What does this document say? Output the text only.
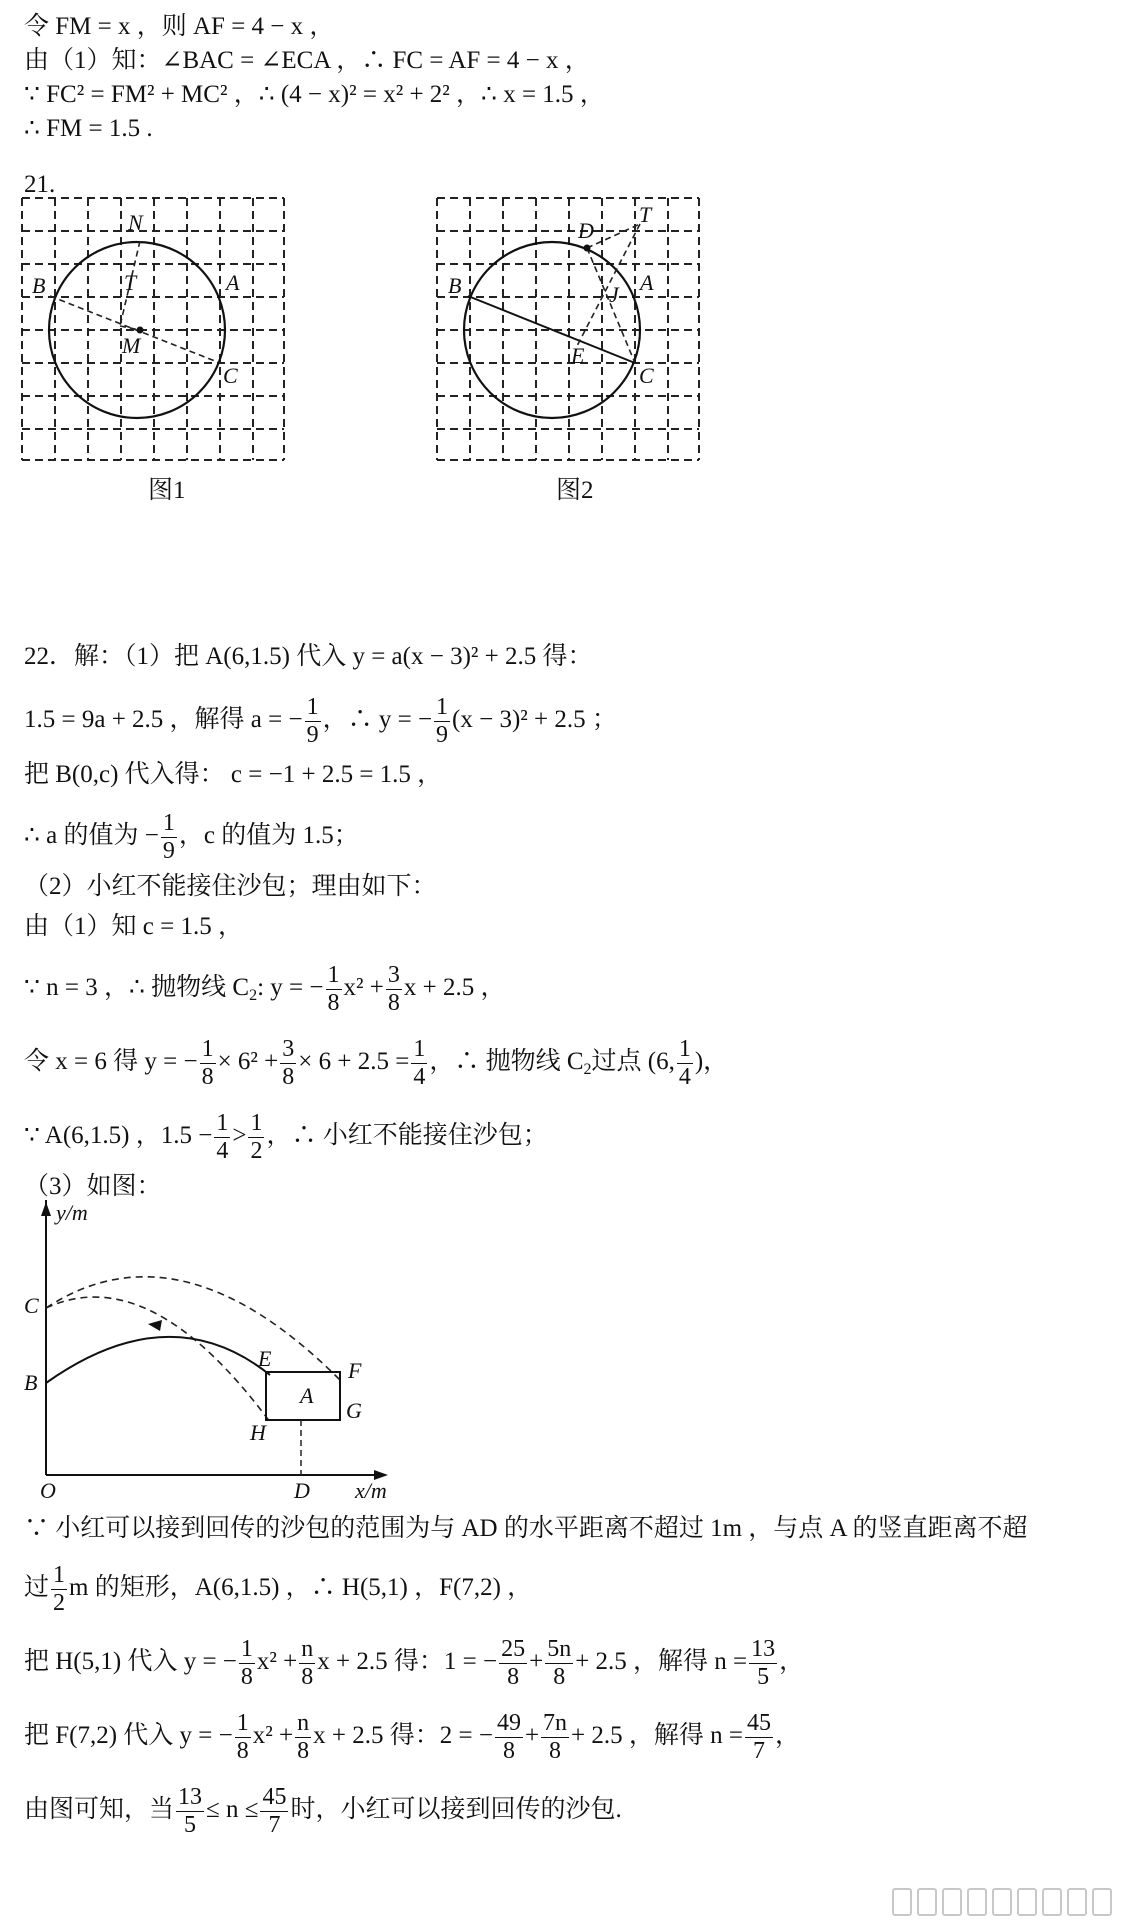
令 FM = x ，则 AF = 4 − x ，
由（1）知：∠BAC = ∠ECA ，∴ FC = AF = 4 − x ，
∵ FC² = FM² + MC² ，∴ (4 − x)² = x² + 2² ，∴ x = 1.5 ，
∴ FM = 1.5 .
21.
N
T
B	A
M
C
图1
D
T
B	A
J
E
C
图2
22．解：（1）把 A(6,1.5) 代入 y = a(x − 3)² + 2.5 得：
1.5 = 9a + 2.5 ，解得 a = − $\frac{1}{9}$ ，∴ y = − $\frac{1}{9} (x - 3)^2 + 2.5$ ；
把 B(0,c) 代入得： c = −1 + 2.5 = 1.5 ，
∴ a 的值为 − $\frac{1}{9}$ ，c 的值为 1.5；
（2）小红不能接住沙包；理由如下：
由（1）知 c = 1.5 ，
∵ n = 3 ，∴ 抛物线 $C_2$: y = − $\frac{1}{8} x^2 + \frac{3}{8}$ x + 2.5 ，
令 x = 6 得 y = − $\frac{1}{8} \times 6^2 + \frac{3}{8} \times 6 + 2.5 = \frac{1}{4}$ ，∴ 抛物线 $C_2$过点 (6, $\frac{1}{4}$ )，
∵ A(6,1.5) ，$1.5 - \frac{1}{4} > \frac{1}{2}$ ，∴ 小红不能接住沙包；
（3）如图：
y/m
x/m
O
C
B
E	F
A
G
H
D
∵ 小红可以接到回传的沙包的范围为与 AD 的水平距离不超过 1m ，与点 A 的竖直距离不超
过 $\frac{1}{2}$ m 的矩形，A(6,1.5) ，∴ H(5,1) ，F(7,2) ，
把 H(5,1) 代入 y = − $\frac{1}{8} x^2 + \frac{n}{8}$ x + 2.5 得：1 = − $\frac{25}{8} + \frac{5n}{8} + 2.5$ ，解得 $n = \frac{13}{5}$ ，
把 F(7,2) 代入 y = − $\frac{1}{8} x^2 + \frac{n}{8}$ x + 2.5 得：2 = − $\frac{49}{8} + \frac{7n}{8} + 2.5$ ，解得 $n = \frac{45}{7}$ ，
由图可知，当 $\frac{13}{5} \le n \le \frac{45}{7}$ 时，小红可以接到回传的沙包.
